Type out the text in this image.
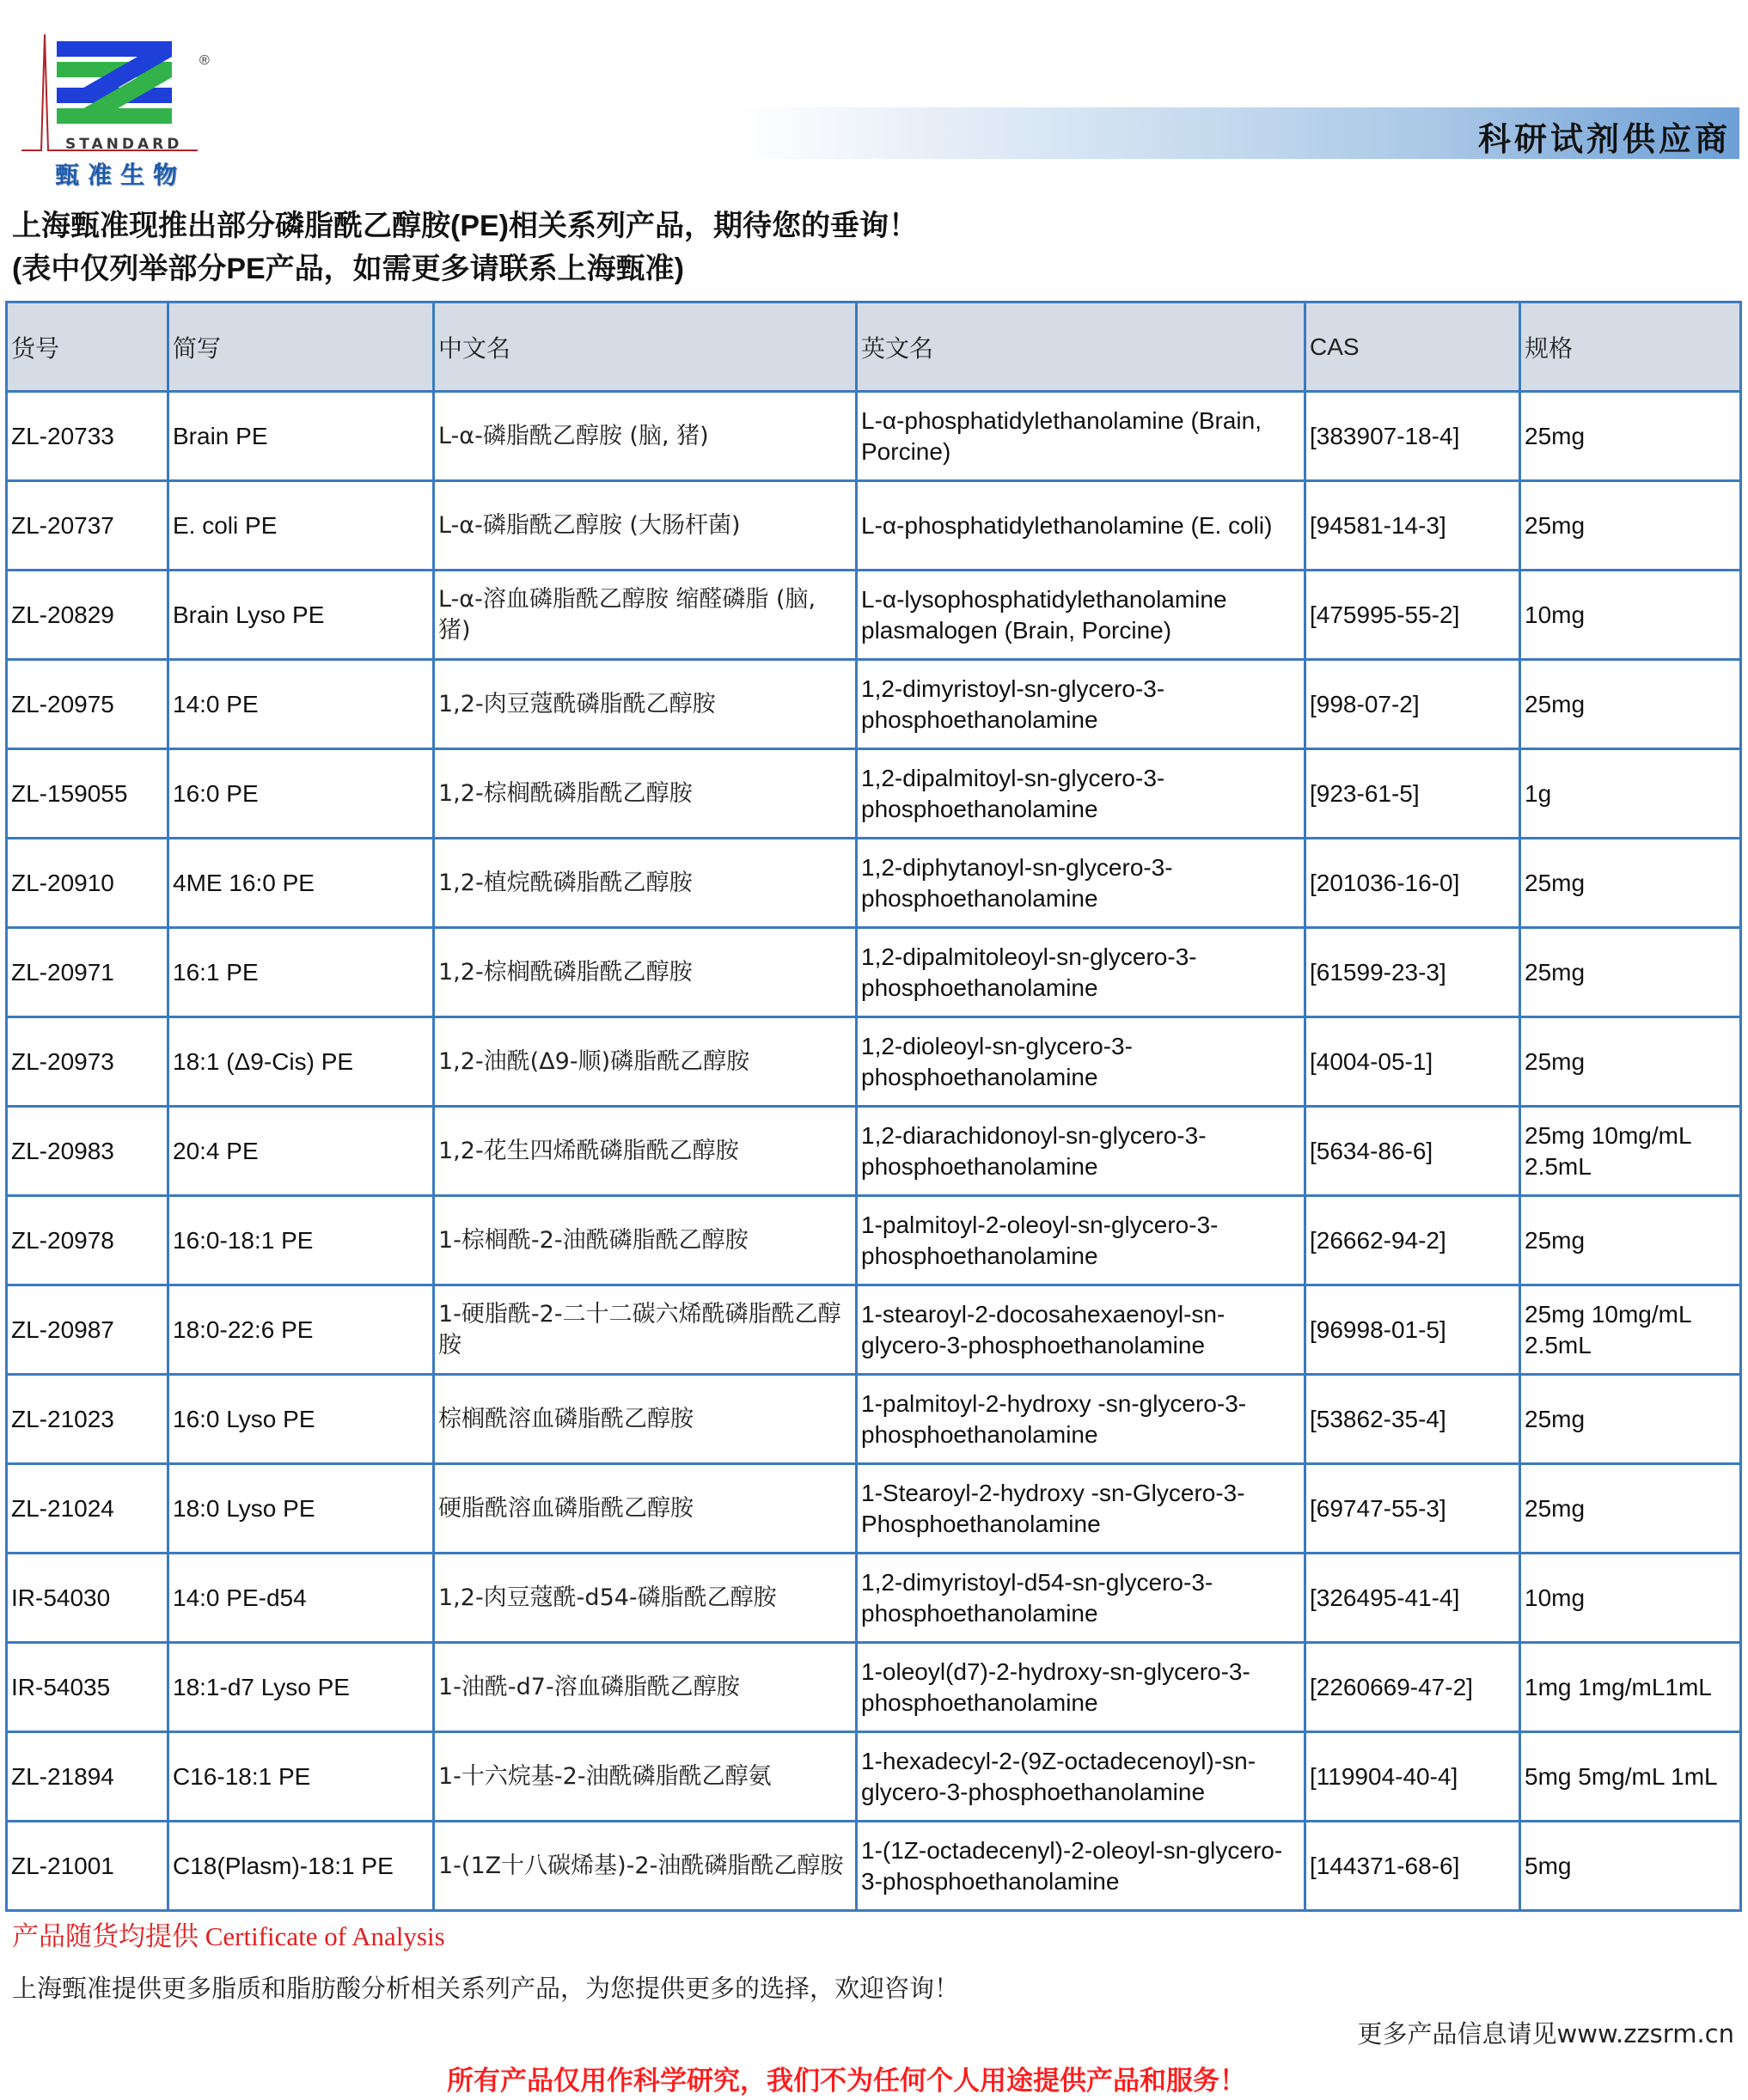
®
STANDARD
甄准生物
科研试剂供应商
上海甄准现推出部分磷脂酰乙醇胺(PE)相关系列产品，期待您的垂询！
(表中仅列举部分PE产品，如需更多请联系上海甄准)
货号	简写	中文名	英文名	CAS	规格
ZL-20733	Brain PE	L-α-磷脂酰乙醇胺 (脑, 猪)	L-α-phosphatidylethanolamine (Brain, Porcine)	[383907-18-4]	25mg
ZL-20737	E. coli PE	L-α-磷脂酰乙醇胺 (大肠杆菌)	L-α-phosphatidylethanolamine (E. coli)	[94581-14-3]	25mg
ZL-20829	Brain Lyso PE	L-α-溶血磷脂酰乙醇胺 缩醛磷脂 (脑, 猪)	L-α-lysophosphatidylethanolamine plasmalogen (Brain, Porcine)	[475995-55-2]	10mg
ZL-20975	14:0 PE	1,2-肉豆蔻酰磷脂酰乙醇胺	1,2-dimyristoyl-sn-glycero-3-phosphoethanolamine	[998-07-2]	25mg
ZL-159055	16:0 PE	1,2-棕榈酰磷脂酰乙醇胺	1,2-dipalmitoyl-sn-glycero-3-phosphoethanolamine	[923-61-5]	1g
ZL-20910	4ME 16:0 PE	1,2-植烷酰磷脂酰乙醇胺	1,2-diphytanoyl-sn-glycero-3-phosphoethanolamine	[201036-16-0]	25mg
ZL-20971	16:1 PE	1,2-棕榈酰磷脂酰乙醇胺	1,2-dipalmitoleoyl-sn-glycero-3-phosphoethanolamine	[61599-23-3]	25mg
ZL-20973	18:1 (Δ9-Cis) PE	1,2-油酰(Δ9-顺)磷脂酰乙醇胺	1,2-dioleoyl-sn-glycero-3-phosphoethanolamine	[4004-05-1]	25mg
ZL-20983	20:4 PE	1,2-花生四烯酰磷脂酰乙醇胺	1,2-diarachidonoyl-sn-glycero-3-phosphoethanolamine	[5634-86-6]	25mg 10mg/mL 2.5mL
ZL-20978	16:0-18:1 PE	1-棕榈酰-2-油酰磷脂酰乙醇胺	1-palmitoyl-2-oleoyl-sn-glycero-3-phosphoethanolamine	[26662-94-2]	25mg
ZL-20987	18:0-22:6 PE	1-硬脂酰-2-二十二碳六烯酰磷脂酰乙醇胺	1-stearoyl-2-docosahexaenoyl-sn-glycero-3-phosphoethanolamine	[96998-01-5]	25mg 10mg/mL 2.5mL
ZL-21023	16:0 Lyso PE	棕榈酰溶血磷脂酰乙醇胺	1-palmitoyl-2-hydroxy -sn-glycero-3-phosphoethanolamine	[53862-35-4]	25mg
ZL-21024	18:0 Lyso PE	硬脂酰溶血磷脂酰乙醇胺	1-Stearoyl-2-hydroxy -sn-Glycero-3-Phosphoethanolamine	[69747-55-3]	25mg
IR-54030	14:0 PE-d54	1,2-肉豆蔻酰-d54-磷脂酰乙醇胺	1,2-dimyristoyl-d54-sn-glycero-3-phosphoethanolamine	[326495-41-4]	10mg
IR-54035	18:1-d7 Lyso PE	1-油酰-d7-溶血磷脂酰乙醇胺	1-oleoyl(d7)-2-hydroxy-sn-glycero-3-phosphoethanolamine	[2260669-47-2]	1mg 1mg/mL1mL
ZL-21894	C16-18:1 PE	1-十六烷基-2-油酰磷脂酰乙醇氨	1-hexadecyl-2-(9Z-octadecenoyl)-sn-glycero-3-phosphoethanolamine	[119904-40-4]	5mg 5mg/mL 1mL
ZL-21001	C18(Plasm)-18:1 PE	1-(1Z十八碳烯基)-2-油酰磷脂酰乙醇胺	1-(1Z-octadecenyl)-2-oleoyl-sn-glycero-3-phosphoethanolamine	[144371-68-6]	5mg
产品随货均提供 Certificate of Analysis
上海甄准提供更多脂质和脂肪酸分析相关系列产品，为您提供更多的选择，欢迎咨询！
更多产品信息请见www.zzsrm.cn
所有产品仅用作科学研究，我们不为任何个人用途提供产品和服务！
